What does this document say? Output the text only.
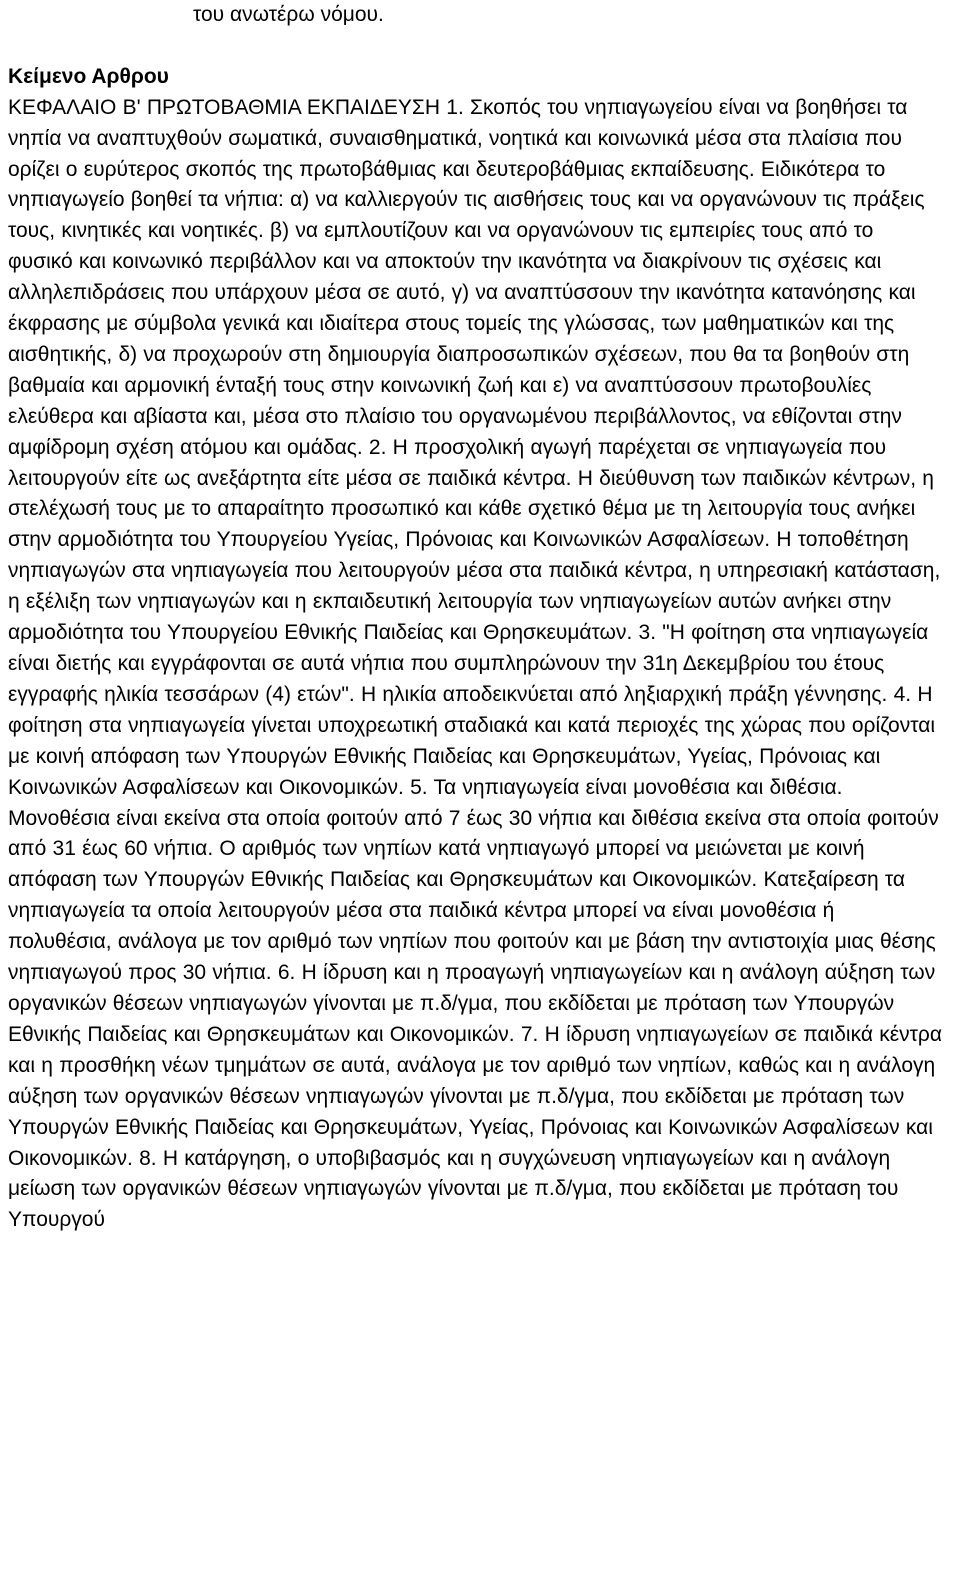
του ανωτέρω νόμου.

Κείμενο Αρθρου

ΚΕΦΑΛΑΙΟ Β' ΠΡΩΤΟΒΑΘΜΙΑ ΕΚΠΑΙΔΕΥΣΗ 1. Σκοπός του νηπιαγωγείου είναι να βοηθήσει τα νηπία να αναπτυχθούν σωματικά, συναισθηματικά, νοητικά και κοινωνικά μέσα στα πλαίσια που ορίζει ο ευρύτερος σκοπός της πρωτοβάθμιας και δευτεροβάθμιας εκπαίδευσης. Ειδικότερα το νηπιαγωγείο βοηθεί τα νήπια: α) να καλλιεργούν τις αισθήσεις τους και να οργανώνουν τις πράξεις τους, κινητικές και νοητικές. β) να εμπλουτίζουν και να οργανώνουν τις εμπειρίες τους από το φυσικό και κοινωνικό περιβάλλον και να αποκτούν την ικανότητα να διακρίνουν τις σχέσεις και αλληλεπιδράσεις που υπάρχουν μέσα σε αυτό, γ) να αναπτύσσουν την ικανότητα κατανόησης και έκφρασης με σύμβολα γενικά και ιδιαίτερα στους τομείς της γλώσσας, των μαθηματικών και της αισθητικής, δ) να προχωρούν στη δημιουργία διαπροσωπικών σχέσεων, που θα τα βοηθούν στη βαθμαία και αρμονική ένταξή τους στην κοινωνική ζωή και ε) να αναπτύσσουν πρωτοβουλίες ελεύθερα και αβίαστα και, μέσα στο πλαίσιο του οργανωμένου περιβάλλοντος, να εθίζονται στην αμφίδρομη σχέση ατόμου και ομάδας. 2. Η προσχολική αγωγή παρέχεται σε νηπιαγωγεία που λειτουργούν είτε ως ανεξάρτητα είτε μέσα σε παιδικά κέντρα. Η διεύθυνση των παιδικών κέντρων, η στελέχωσή τους με το απαραίτητο προσωπικό και κάθε σχετικό θέμα με τη λειτουργία τους ανήκει στην αρμοδιότητα του Υπουργείου Υγείας, Πρόνοιας και Κοινωνικών Ασφαλίσεων. Η τοποθέτηση νηπιαγωγών στα νηπιαγωγεία που λειτουργούν μέσα στα παιδικά κέντρα, η υπηρεσιακή κατάσταση, η εξέλιξη των νηπιαγωγών και η εκπαιδευτική λειτουργία των νηπιαγωγείων αυτών ανήκει στην αρμοδιότητα του Υπουργείου Εθνικής Παιδείας και Θρησκευμάτων. 3. "Η φοίτηση στα νηπιαγωγεία είναι διετής και εγγράφονται σε αυτά νήπια που συμπληρώνουν την 31η Δεκεμβρίου του έτους εγγραφής ηλικία τεσσάρων (4) ετών". Η ηλικία αποδεικνύεται από ληξιαρχική πράξη γέννησης. 4. Η φοίτηση στα νηπιαγωγεία γίνεται υποχρεωτική σταδιακά και κατά περιοχές της χώρας που ορίζονται με κοινή απόφαση των Υπουργών Εθνικής Παιδείας και Θρησκευμάτων, Υγείας, Πρόνοιας και Κοινωνικών Ασφαλίσεων και Οικονομικών. 5. Τα νηπιαγωγεία είναι μονοθέσια και διθέσια. Μονοθέσια είναι εκείνα στα οποία φοιτούν από 7 έως 30 νήπια και διθέσια εκείνα στα οποία φοιτούν από 31 έως 60 νήπια. Ο αριθμός των νηπίων κατά νηπιαγωγό μπορεί να μειώνεται με κοινή απόφαση των Υπουργών Εθνικής Παιδείας και Θρησκευμάτων και Οικονομικών. Κατεξαίρεση τα νηπιαγωγεία τα οποία λειτουργούν μέσα στα παιδικά κέντρα μπορεί να είναι μονοθέσια ή πολυθέσια, ανάλογα με τον αριθμό των νηπίων που φοιτούν και με βάση την αντιστοιχία μιας θέσης νηπιαγωγού προς 30 νήπια. 6. Η ίδρυση και η προαγωγή νηπιαγωγείων και η ανάλογη αύξηση των οργανικών θέσεων νηπιαγωγών γίνονται με π.δ/γμα, που εκδίδεται με πρόταση των Υπουργών Εθνικής Παιδείας και Θρησκευμάτων και Οικονομικών. 7. Η ίδρυση νηπιαγωγείων σε παιδικά κέντρα και η προσθήκη νέων τμημάτων σε αυτά, ανάλογα με τον αριθμό των νηπίων, καθώς και η ανάλογη αύξηση των οργανικών θέσεων νηπιαγωγών γίνονται με π.δ/γμα, που εκδίδεται με πρόταση των Υπουργών Εθνικής Παιδείας και Θρησκευμάτων, Υγείας, Πρόνοιας και Κοινωνικών Ασφαλίσεων και Οικονομικών. 8. Η κατάργηση, ο υποβιβασμός και η συγχώνευση νηπιαγωγείων και η ανάλογη μείωση των οργανικών θέσεων νηπιαγωγών γίνονται με π.δ/γμα, που εκδίδεται με πρόταση του Υπουργού
